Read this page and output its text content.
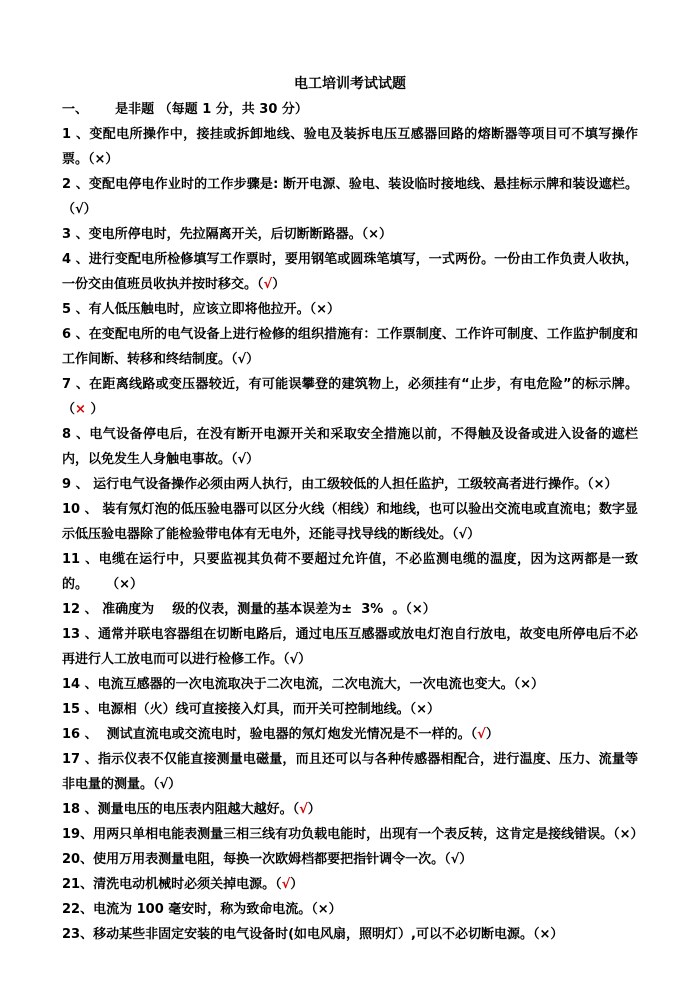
电工培训考试试题

一、      是非题 （每题 1 分，共 30 分）

1 、变配电所操作中，接挂或拆卸地线、验电及装拆电压互感器回路的熔断器等项目可不填写操作票。（×）

2 、变配电停电作业时的工作步骤是: 断开电源、验电、装设临时接地线、悬挂标示牌和装设遮栏。（√）

3 、变电所停电时，先拉隔离开关，后切断断路器。（×）

4 、进行变配电所检修填写工作票时，要用钢笔或圆珠笔填写，一式两份。一份由工作负责人收执，一份交由值班员收执并按时移交。（√）

5 、有人低压触电时，应该立即将他拉开。（×）

6 、在变配电所的电气设备上进行检修的组织措施有：工作票制度、工作许可制度、工作监护制度和工作间断、转移和终结制度。（√）

7 、在距离线路或变压器较近，有可能误攀登的建筑物上，必须挂有“止步，有电危险”的标示牌。（× ）

8 、电气设备停电后，在没有断开电源开关和采取安全措施以前，不得触及设备或进入设备的遮栏内，以免发生人身触电事故。（√）

9 、 运行电气设备操作必须由两人执行，由工级较低的人担任监护，工级较高者进行操作。（×）

10 、 装有氖灯泡的低压验电器可以区分火线（相线）和地线，也可以验出交流电或直流电；数字显示低压验电器除了能检验带电体有无电外，还能寻找导线的断线处。（√）

11 、电缆在运行中，只要监视其负荷不要超过允许值，不必监测电缆的温度，因为这两都是一致的。    （×）

12 、 准确度为    级的仪表，测量的基本误差为±  3%  。（×）

13 、通常并联电容器组在切断电路后，通过电压互感器或放电灯泡自行放电，故变电所停电后不必再进行人工放电而可以进行检修工作。（√）

14 、电流互感器的一次电流取决于二次电流，二次电流大，一次电流也变大。（×）

15 、电源相（火）线可直接接入灯具，而开关可控制地线。（×）

16 、  测试直流电或交流电时，验电器的氖灯炮发光情况是不一样的。（√）

17 、指示仪表不仅能直接测量电磁量，而且还可以与各种传感器相配合，进行温度、压力、流量等非电量的测量。（√）

18 、测量电压的电压表内阻越大越好。（√）

19、用两只单相电能表测量三相三线有功负载电能时，出现有一个表反转，这肯定是接线错误。（×）

20、使用万用表测量电阻，每换一次欧姆档都要把指针调令一次。（√）

21、清洗电动机械时必须关掉电源。（√）

22、电流为 100 毫安时，称为致命电流。（×）

23、移动某些非固定安装的电气设备时(如电风扇，照明灯）,可以不必切断电源。（×）
